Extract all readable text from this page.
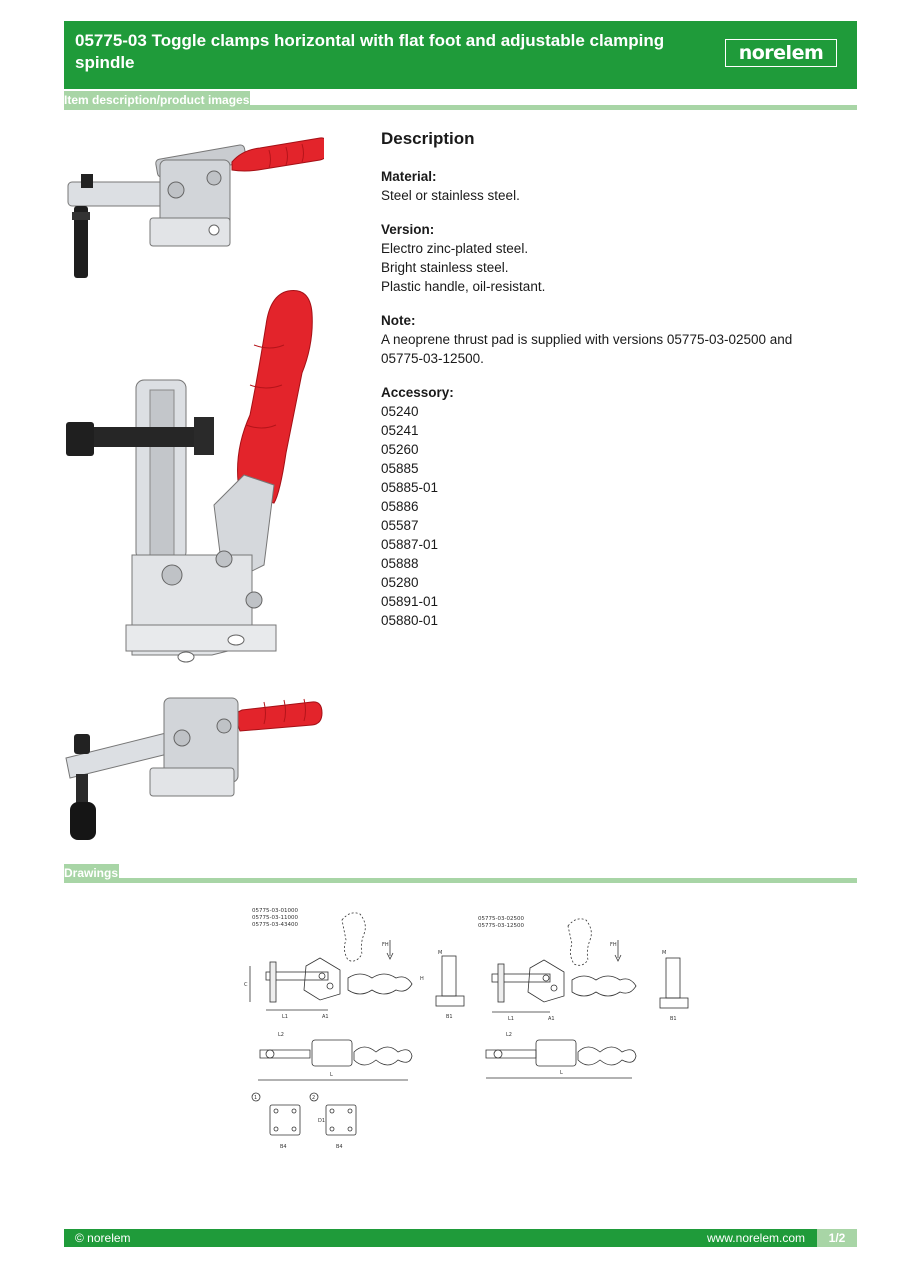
05775-03 Toggle clamps horizontal with flat foot and adjustable clamping spindle	norelem
Item description/product images
Description
Material:
Steel or stainless steel.
Version:
Electro zinc-plated steel.
Bright stainless steel.
Plastic handle, oil-resistant.
Note:
A neoprene thrust pad is supplied with versions 05775-03-02500 and
05775-03-12500.
Accessory:
05240
05241
05260
05885
05885-01
05886
05587
05887-01
05888
05280
05891-01
05880-01
Drawings
05775-03-01000
05775-03-11000
05775-03-43400
FH
L1	A1
C
H
M
B1
L
L2
1
B4
2
B4
D1
05775-03-02500
05775-03-12500
FH
L1	A1
M
B1
L
L2
© norelem	www.norelem.com	1/2
